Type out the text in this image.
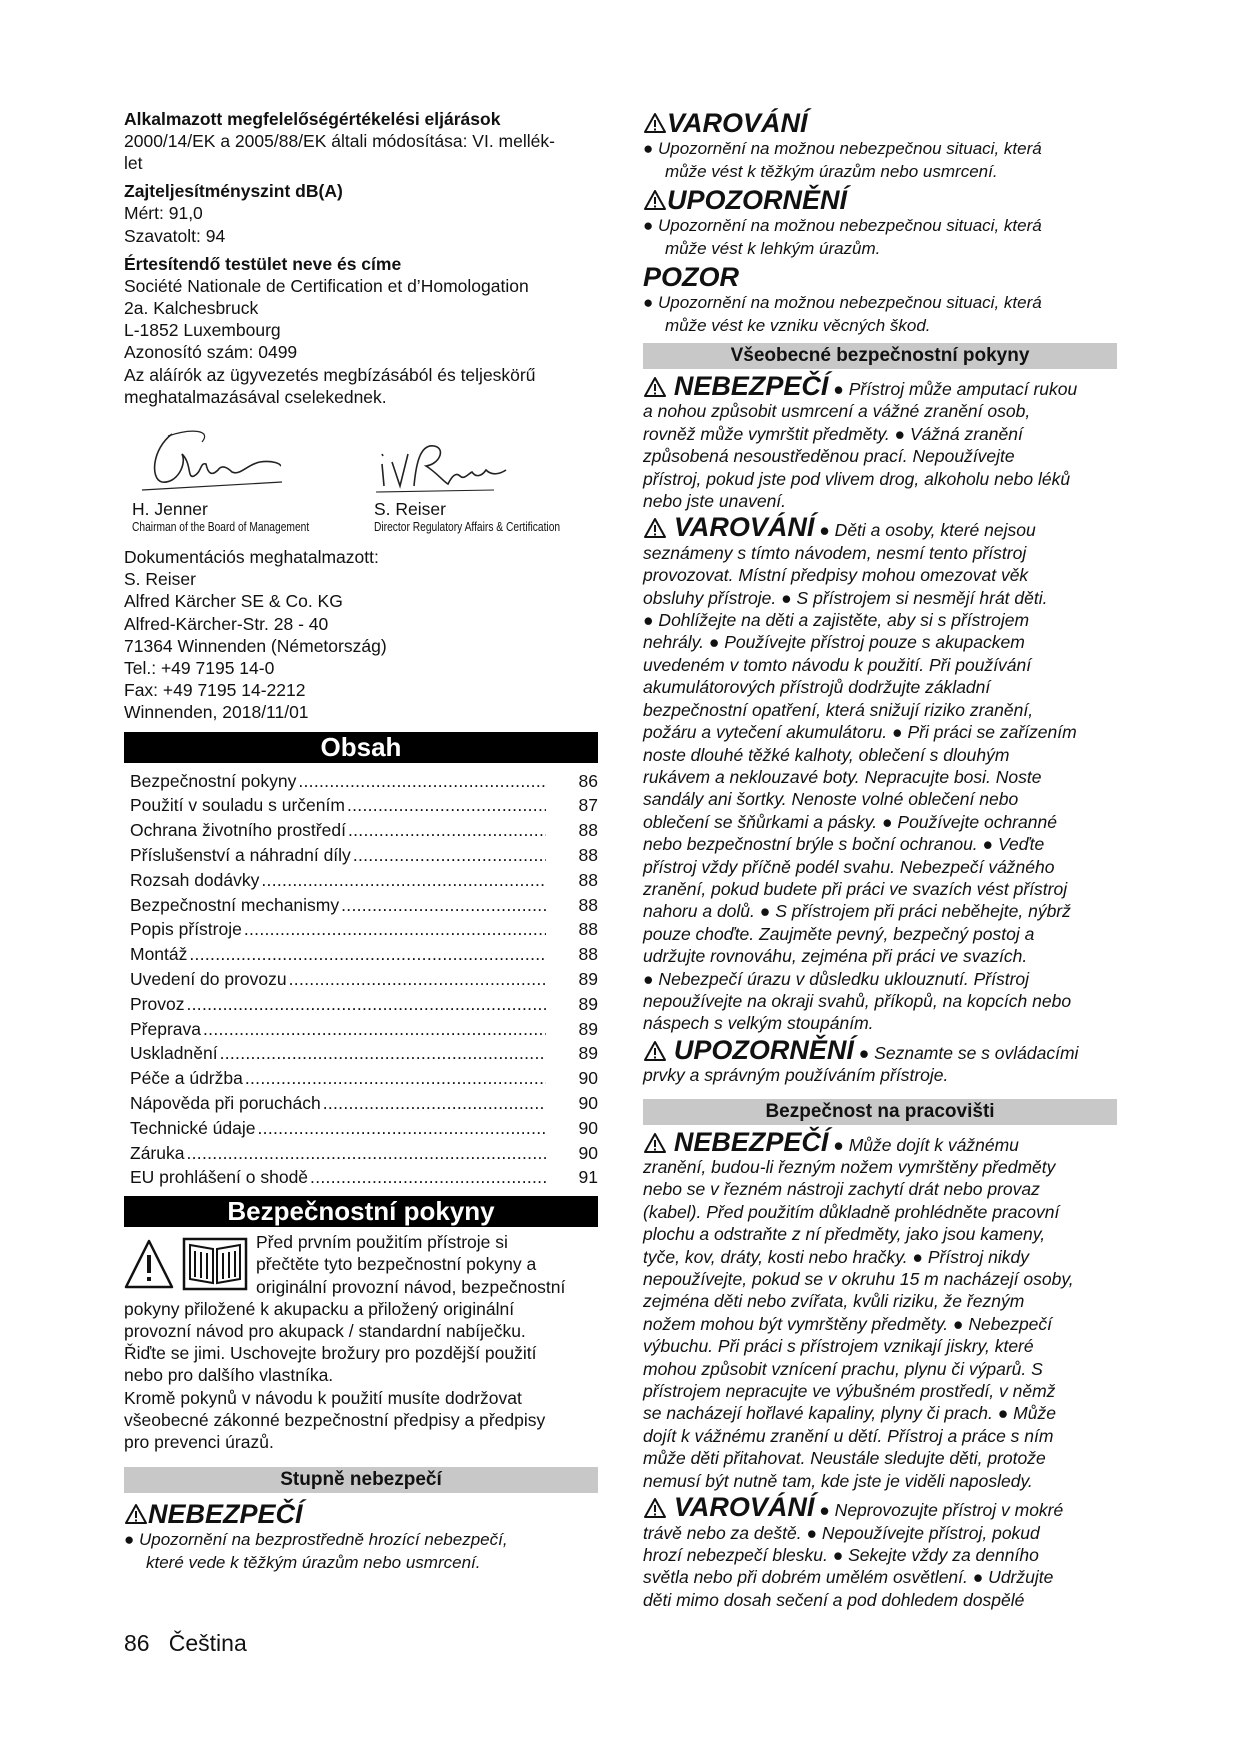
Alkalmazott megfelelőségértékelési eljárások

2000/14/EK a 2005/88/EK általi módosítása: VI. mellék-

let

Zajteljesítményszint dB(A)

Mért: 91,0

Szavatolt: 94

Értesítendő testület neve és címe

Société Nationale de Certification et d’Homologation

2a. Kalchesbruck

L-1852 Luxembourg

Azonosító szám: 0499

Az aláírók az ügyvezetés megbízásából és teljeskörű

meghatalmazásával cselekednek.

H. Jenner
Chairman of the Board of Management
S. Reiser
Director Regulatory Affairs & Certification

Dokumentációs meghatalmazott:

S. Reiser

Alfred Kärcher SE & Co. KG

Alfred-Kärcher-Str. 28 - 40

71364 Winnenden (Németország)

Tel.: +49 7195 14-0

Fax: +49 7195 14-2212

Winnenden, 2018/11/01

Obsah
Bezpečnostní pokyny .....	86
Použití v souladu s určením .....	87
Ochrana životního prostředí .....	88
Příslušenství a náhradní díly .....	88
Rozsah dodávky .....	88
Bezpečnostní mechanismy .....	88
Popis přístroje .....	88
Montáž .....	88
Uvedení do provozu .....	89
Provoz .....	89
Přeprava .....	89
Uskladnění .....	89
Péče a údržba .....	90
Nápověda při poruchách .....	90
Technické údaje .....	90
Záruka .....	90
EU prohlášení o shodě .....	91
Bezpečnostní pokyny

Před prvním použitím přístroje si

přečtěte tyto bezpečnostní pokyny a

originální provozní návod, bezpečnostní

pokyny přiložené k akupacku a přiložený originální

provozní návod pro akupack / standardní nabíječku.

Řiďte se jimi. Uschovejte brožury pro pozdější použití

nebo pro dalšího vlastníka.

Kromě pokynů v návodu k použití musíte dodržovat

všeobecné zákonné bezpečnostní předpisy a předpisy

pro prevenci úrazů.

Stupně nebezpečí
NEBEZPEČÍ
● Upozornění na bezprostředně hrozící nebezpečí,
které vede k těžkým úrazům nebo usmrcení.
VAROVÁNÍ
● Upozornění na možnou nebezpečnou situaci, která
může vést k těžkým úrazům nebo usmrcení.
UPOZORNĚNÍ
● Upozornění na možnou nebezpečnou situaci, která
může vést k lehkým úrazům.
POZOR
● Upozornění na možnou nebezpečnou situaci, která
může vést ke vzniku věcných škod.
Všeobecné bezpečnostní pokyny
NEBEZPEČÍ ● Přístroj může amputací rukou

a nohou způsobit usmrcení a vážné zranění osob,

rovněž může vymrštit předměty. ● Vážná zranění

způsobená nesoustředěnou prací. Nepoužívejte

přístroj, pokud jste pod vlivem drog, alkoholu nebo léků

nebo jste unavení.

VAROVÁNÍ ● Děti a osoby, které nejsou

seznámeny s tímto návodem, nesmí tento přístroj

provozovat. Místní předpisy mohou omezovat věk

obsluhy přístroje. ● S přístrojem si nesmějí hrát děti.

● Dohlížejte na děti a zajistěte, aby si s přístrojem

nehrály. ● Používejte přístroj pouze s akupackem

uvedeném v tomto návodu k použití. Při používání

akumulátorových přístrojů dodržujte základní

bezpečnostní opatření, která snižují riziko zranění,

požáru a vytečení akumulátoru. ● Při práci se zařízením

noste dlouhé těžké kalhoty, oblečení s dlouhým

rukávem a neklouzavé boty. Nepracujte bosi. Noste

sandály ani šortky. Nenoste volné oblečení nebo

oblečení se šňůrkami a pásky. ● Používejte ochranné

nebo bezpečnostní brýle s boční ochranou. ● Veďte

přístroj vždy příčně podél svahu. Nebezpečí vážného

zranění, pokud budete při práci ve svazích vést přístroj

nahoru a dolů. ● S přístrojem při práci neběhejte, nýbrž

pouze choďte. Zaujměte pevný, bezpečný postoj a

udržujte rovnováhu, zejména při práci ve svazích.

● Nebezpečí úrazu v důsledku uklouznutí. Přístroj

nepoužívejte na okraji svahů, příkopů, na kopcích nebo

náspech s velkým stoupáním.

UPOZORNĚNÍ ● Seznamte se s ovládacími

prvky a správným používáním přístroje.

Bezpečnost na pracovišti
NEBEZPEČÍ ● Může dojít k vážnému

zranění, budou-li řezným nožem vymrštěny předměty

nebo se v řezném nástroji zachytí drát nebo provaz

(kabel). Před použitím důkladně prohlédněte pracovní

plochu a odstraňte z ní předměty, jako jsou kameny,

tyče, kov, dráty, kosti nebo hračky. ● Přístroj nikdy

nepoužívejte, pokud se v okruhu 15 m nacházejí osoby,

zejména děti nebo zvířata, kvůli riziku, že řezným

nožem mohou být vymrštěny předměty. ● Nebezpečí

výbuchu. Při práci s přístrojem vznikají jiskry, které

mohou způsobit vznícení prachu, plynu či výparů. S

přístrojem nepracujte ve výbušném prostředí, v němž

se nacházejí hořlavé kapaliny, plyny či prach. ● Může

dojít k vážnému zranění u dětí. Přístroj a práce s ním

může děti přitahovat. Neustále sledujte děti, protože

nemusí být nutně tam, kde jste je viděli naposledy.

VAROVÁNÍ ● Neprovozujte přístroj v mokré

trávě nebo za deště. ● Nepoužívejte přístroj, pokud

hrozí nebezpečí blesku. ● Sekejte vždy za denního

světla nebo při dobrém umělém osvětlení. ● Udržujte

děti mimo dosah sečení a pod dohledem dospělé

86 Čeština
